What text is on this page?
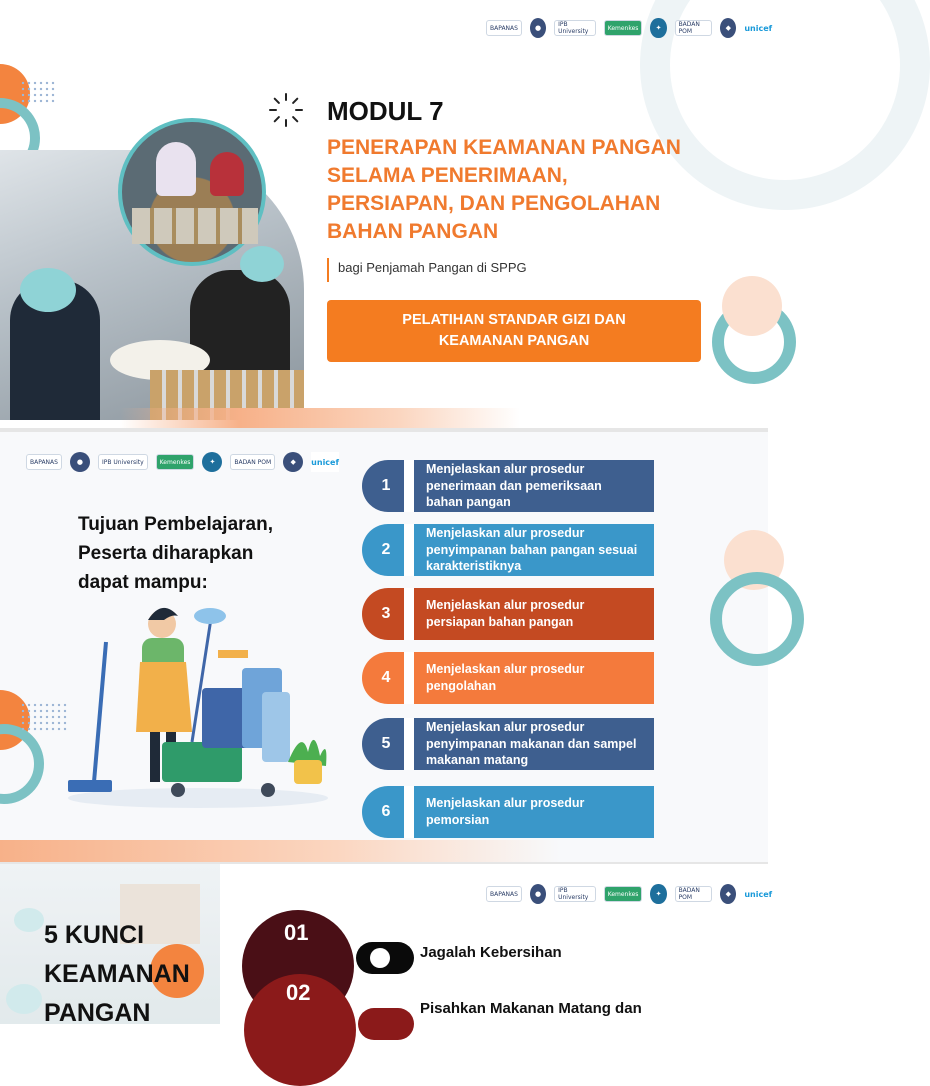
BAPANAS	●	IPB University	Kemenkes	✦	BADAN POM	◆	unicef
MODUL 7
PENERAPAN KEAMANAN PANGAN
SELAMA PENERIMAAN,
PERSIAPAN, DAN PENGOLAHAN
BAHAN PANGAN
bagi Penjamah Pangan di SPPG
PELATIHAN STANDAR GIZI DAN
KEAMANAN PANGAN
BAPANAS	●	IPB University	Kemenkes	✦	BADAN POM	◆	unicef
Tujuan Pembelajaran,
Peserta diharapkan
dapat mampu:
1
Menjelaskan alur prosedur penerimaan dan pemeriksaan bahan pangan
2
Menjelaskan alur prosedur penyimpanan bahan pangan sesuai karakteristiknya
3	Menjelaskan alur prosedur persiapan bahan pangan
4	Menjelaskan alur prosedur pengolahan
5
Menjelaskan alur prosedur penyimpanan makanan dan sampel makanan matang
6	Menjelaskan alur prosedur pemorsian
BAPANAS	●	IPB University	Kemenkes	✦	BADAN POM	◆	unicef
5 KUNCI
KEAMANAN
PANGAN
01
Jagalah Kebersihan
02
Pisahkan Makanan Matang dan
